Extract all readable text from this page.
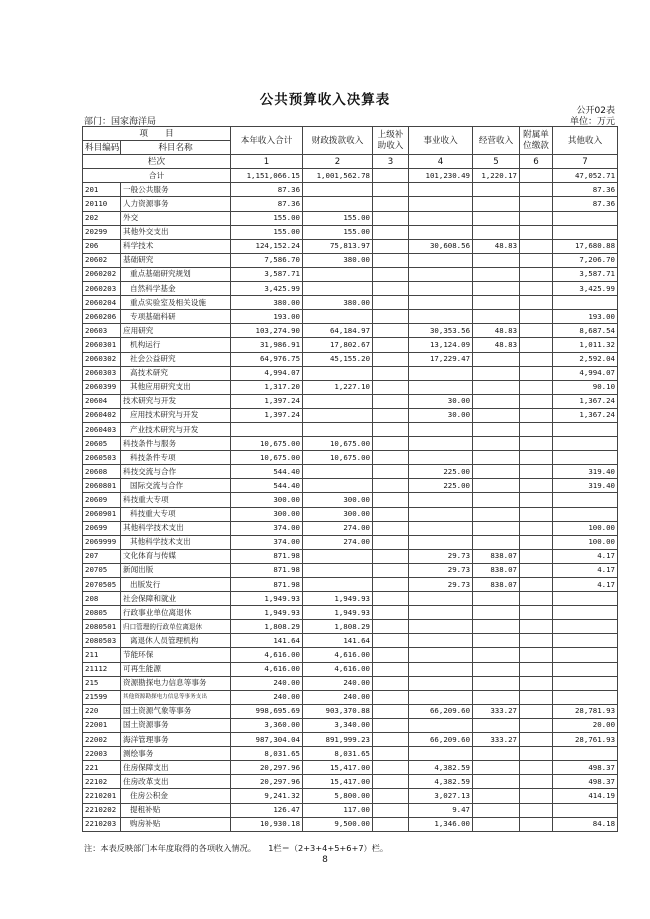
公共预算收入决算表
公开02表
部门：国家海洋局	单位：万元
项　　目		本年收入合计	财政拨款收入	上级补助收入	事业收入	经营收入	附属单位缴款	其他收入
科目编码	科目名称							
栏次		1	2	3	4	5	6	7
合计		1,151,066.15	1,001,562.78		101,230.49	1,220.17		47,052.71
201	一般公共服务	87.36						87.36
20110	人力资源事务	87.36						87.36
202	外交	155.00	155.00					
20299	其他外交支出	155.00	155.00					
206	科学技术	124,152.24	75,813.97		30,608.56	48.83		17,680.88
20602	基础研究	7,586.70	380.00					7,206.70
2060202	重点基础研究规划	3,587.71						3,587.71
2060203	自然科学基金	3,425.99						3,425.99
2060204	重点实验室及相关设施	380.00	380.00					
2060206	专项基础科研	193.00						193.00
20603	应用研究	103,274.90	64,184.97		30,353.56	48.83		8,687.54
2060301	机构运行	31,986.91	17,802.67		13,124.09	48.83		1,011.32
2060302	社会公益研究	64,976.75	45,155.20		17,229.47			2,592.04
2060303	高技术研究	4,994.07						4,994.07
2060399	其他应用研究支出	1,317.20	1,227.10					90.10
20604	技术研究与开发	1,397.24			30.00			1,367.24
2060402	应用技术研究与开发	1,397.24			30.00			1,367.24
2060403	产业技术研究与开发							
20605	科技条件与服务	10,675.00	10,675.00					
2060503	科技条件专项	10,675.00	10,675.00					
20608	科技交流与合作	544.40			225.00			319.40
2060801	国际交流与合作	544.40			225.00			319.40
20609	科技重大专项	300.00	300.00					
2060901	科技重大专项	300.00	300.00					
20699	其他科学技术支出	374.00	274.00					100.00
2069999	其他科学技术支出	374.00	274.00					100.00
207	文化体育与传媒	871.98			29.73	838.07		4.17
20705	新闻出版	871.98			29.73	838.07		4.17
2070505	出版发行	871.98			29.73	838.07		4.17
208	社会保障和就业	1,949.93	1,949.93					
20805	行政事业单位离退休	1,949.93	1,949.93					
2080501	归口管理的行政单位离退休	1,808.29	1,808.29					
2080503	离退休人员管理机构	141.64	141.64					
211	节能环保	4,616.00	4,616.00					
21112	可再生能源	4,616.00	4,616.00					
215	资源勘探电力信息等事务	240.00	240.00					
21599	其他资源勘探电力信息等事务支出	240.00	240.00					
220	国土资源气象等事务	998,695.69	903,370.88		66,209.60	333.27		28,781.93
22001	国土资源事务	3,360.00	3,340.00					20.00
22002	海洋管理事务	987,304.04	891,999.23		66,209.60	333.27		28,761.93
22003	测绘事务	8,031.65	8,031.65					
221	住房保障支出	20,297.96	15,417.00		4,382.59			498.37
22102	住房改革支出	20,297.96	15,417.00		4,382.59			498.37
2210201	住房公积金	9,241.32	5,800.00		3,027.13			414.19
2210202	提租补贴	126.47	117.00		9.47			
2210203	购房补贴	10,930.18	9,500.00		1,346.00			84.18
注：本表反映部门本年度取得的各项收入情况。　　1栏＝（2+3+4+5+6+7）栏。
8
